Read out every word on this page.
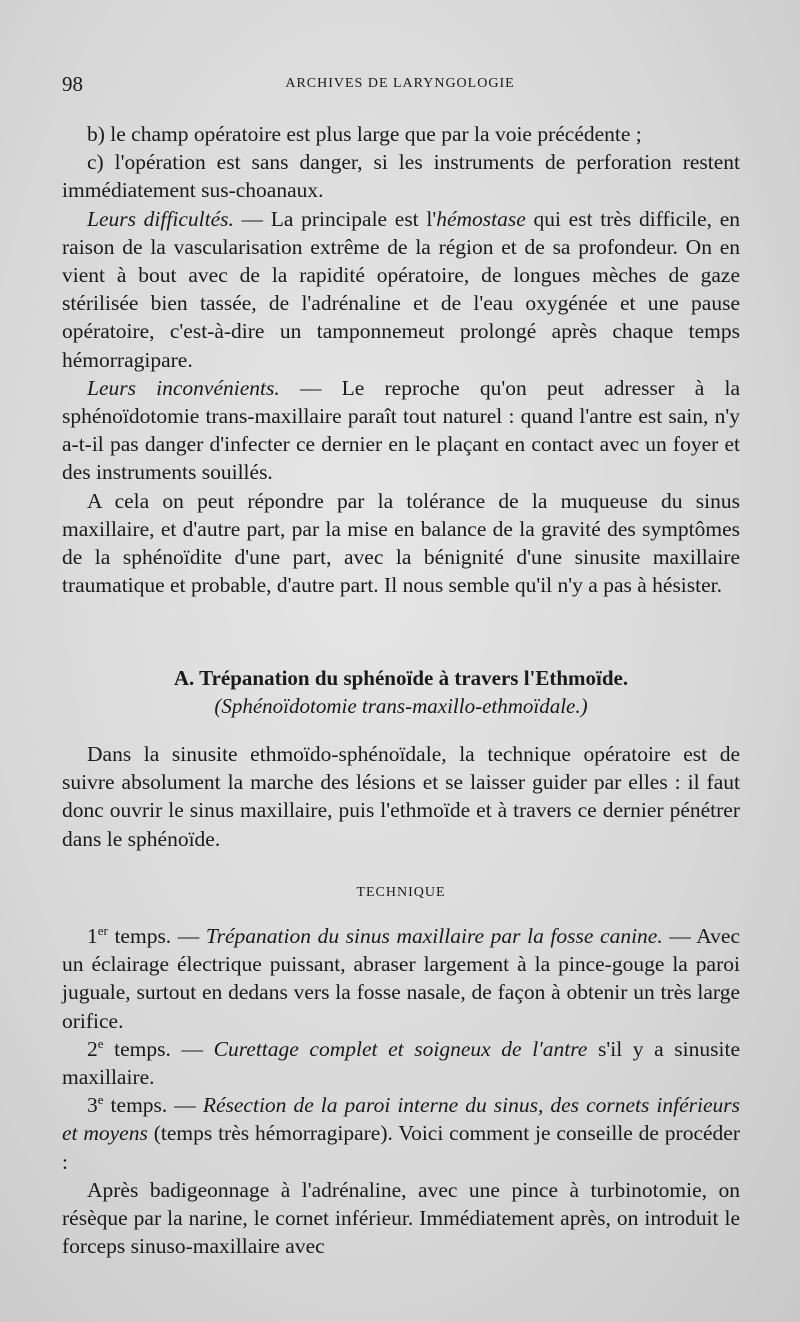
98	ARCHIVES DE LARYNGOLOGIE

b) le champ opératoire est plus large que par la voie précédente ;

c) l'opération est sans danger, si les instruments de perforation restent immédiatement sus-choanaux.

Leurs difficultés. — La principale est l'hémostase qui est très difficile, en raison de la vascularisation extrême de la région et de sa profondeur. On en vient à bout avec de la rapidité opératoire, de longues mèches de gaze stérilisée bien tassée, de l'adrénaline et de l'eau oxygénée et une pause opératoire, c'est-à-dire un tamponnemeut prolongé après chaque temps hémorragipare.

Leurs inconvénients. — Le reproche qu'on peut adresser à la sphénoïdotomie trans-maxillaire paraît tout naturel : quand l'antre est sain, n'y a-t-il pas danger d'infecter ce dernier en le plaçant en contact avec un foyer et des instruments souillés.

A cela on peut répondre par la tolérance de la muqueuse du sinus maxillaire, et d'autre part, par la mise en balance de la gravité des symptômes de la sphénoïdite d'une part, avec la bénignité d'une sinusite maxillaire traumatique et probable, d'autre part. Il nous semble qu'il n'y a pas à hésister.

A. Trépanation du sphénoïde à travers l'Ethmoïde.
(Sphénoïdotomie trans-maxillo-ethmoïdale.)

Dans la sinusite ethmoïdo-sphénoïdale, la technique opératoire est de suivre absolument la marche des lésions et se laisser guider par elles : il faut donc ouvrir le sinus maxillaire, puis l'ethmoïde et à travers ce dernier pénétrer dans le sphénoïde.

TECHNIQUE

1er temps. — Trépanation du sinus maxillaire par la fosse canine. — Avec un éclairage électrique puissant, abraser largement à la pince-gouge la paroi juguale, surtout en dedans vers la fosse nasale, de façon à obtenir un très large orifice.

2e temps. — Curettage complet et soigneux de l'antre s'il y a sinusite maxillaire.

3e temps. — Résection de la paroi interne du sinus, des cornets inférieurs et moyens (temps très hémorragipare). Voici comment je conseille de procéder :

Après badigeonnage à l'adrénaline, avec une pince à turbinotomie, on résèque par la narine, le cornet inférieur. Immédiatement après, on introduit le forceps sinuso-maxillaire avec
